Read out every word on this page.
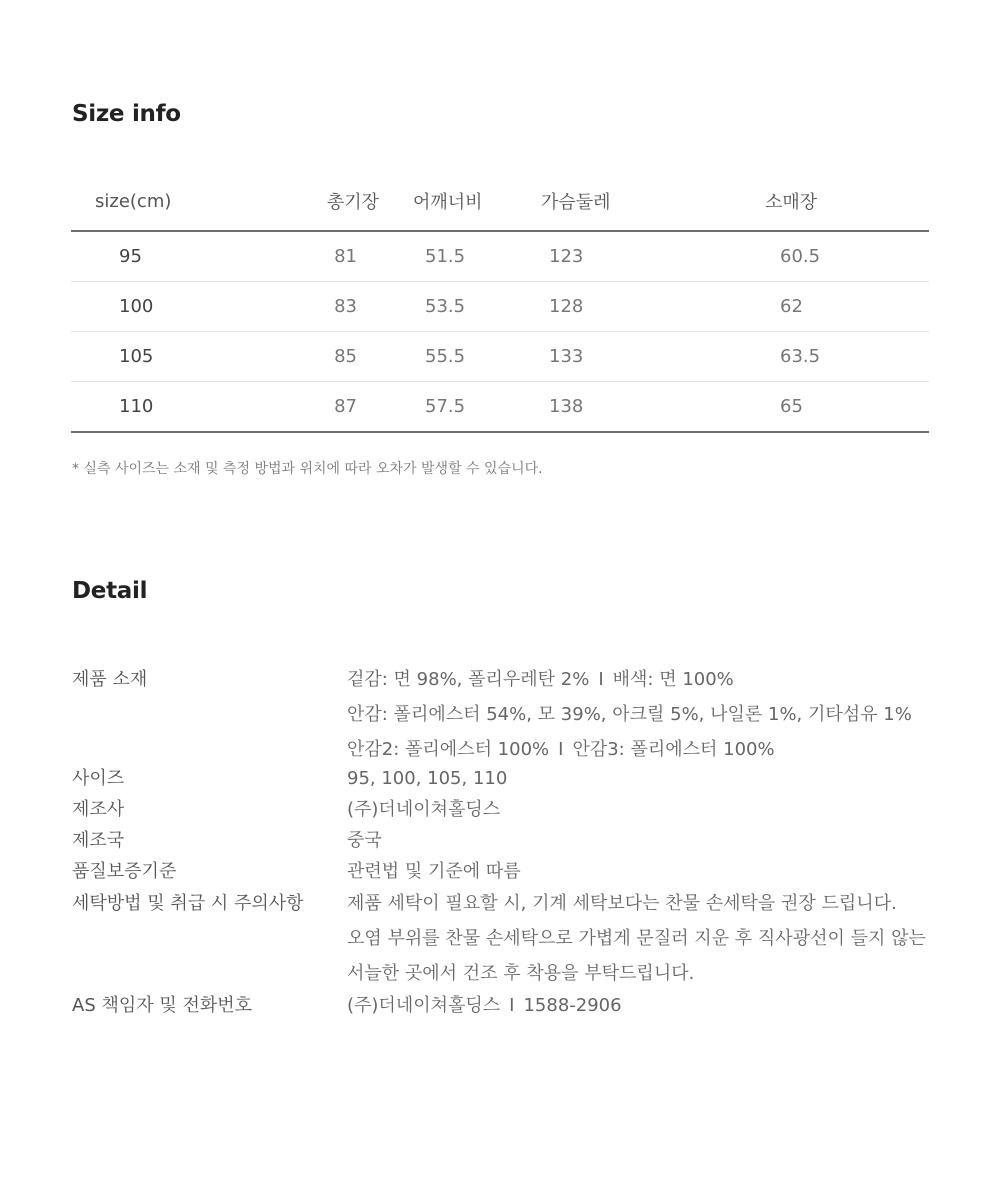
Size info
size(cm)	총기장	어깨너비	가슴둘레	소매장
95	81	51.5	123	60.5
100	83	53.5	128	62
105	85	55.5	133	63.5
110	87	57.5	138	65

* 실측 사이즈는 소재 및 측정 방법과 위치에 따라 오차가 발생할 수 있습니다.

Detail
제품 소재	겉감: 면 98%, 폴리우레탄 2% I 배색: 면 100%
안감: 폴리에스터 54%, 모 39%, 아크릴 5%, 나일론 1%, 기타섬유 1%
안감2: 폴리에스터 100% I 안감3: 폴리에스터 100%
사이즈	95, 100, 105, 110
제조사	(주)더네이쳐홀딩스
제조국	중국
품질보증기준	관련법 및 기준에 따름
세탁방법 및 취급 시 주의사항	제품 세탁이 필요할 시, 기계 세탁보다는 찬물 손세탁을 권장 드립니다.
오염 부위를 찬물 손세탁으로 가볍게 문질러 지운 후 직사광선이 들지 않는
서늘한 곳에서 건조 후 착용을 부탁드립니다.
AS 책임자 및 전화번호	(주)더네이쳐홀딩스 I 1588-2906
